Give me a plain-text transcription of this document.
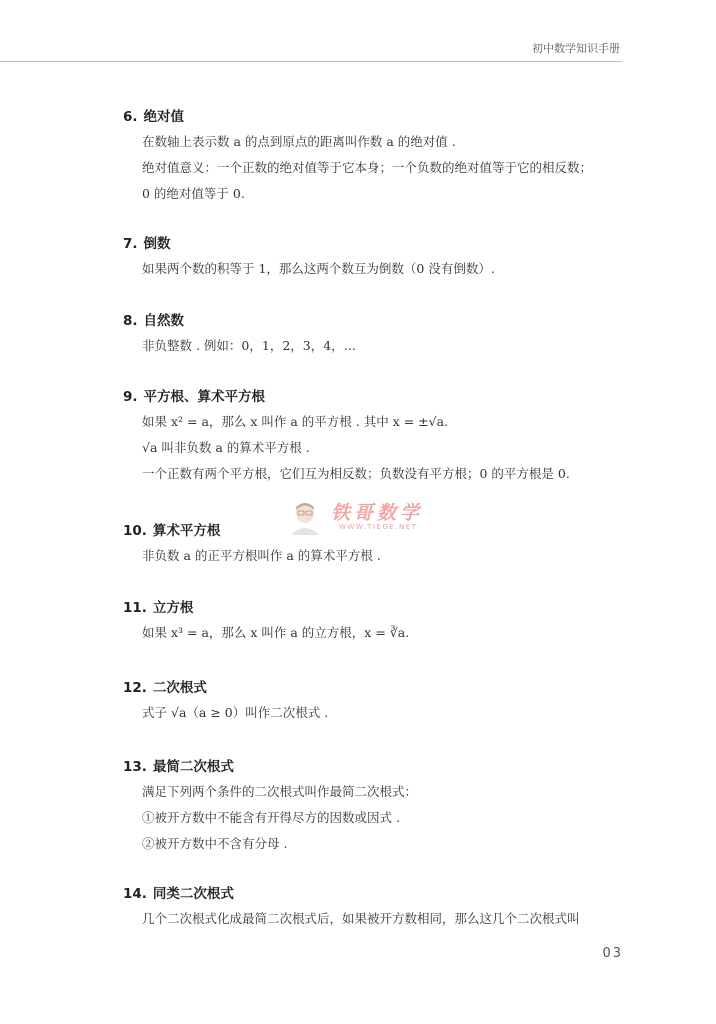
初中数学知识手册
6. 绝对值
在数轴上表示数 a 的点到原点的距离叫作数 a 的绝对值 .
绝对值意义：一个正数的绝对值等于它本身；一个负数的绝对值等于它的相反数；
0 的绝对值等于 0.
7. 倒数
如果两个数的积等于 1，那么这两个数互为倒数（0 没有倒数）.
8. 自然数
非负整数 . 例如：0，1，2，3，4，…
9. 平方根、算术平方根
如果 x² = a，那么 x 叫作 a 的平方根 . 其中 x = ±√a.
√a 叫非负数 a 的算术平方根 .
一个正数有两个平方根，它们互为相反数；负数没有平方根；0 的平方根是 0.
铁哥数学
WWW.TIEGE.NET
10. 算术平方根
非负数 a 的正平方根叫作 a 的算术平方根 .
11. 立方根
如果 x³ = a，那么 x 叫作 a 的立方根，x = ∛a.
12. 二次根式
式子 √a（a ≥ 0）叫作二次根式 .
13. 最简二次根式
满足下列两个条件的二次根式叫作最简二次根式：
①被开方数中不能含有开得尽方的因数或因式 .
②被开方数中不含有分母 .
14. 同类二次根式
几个二次根式化成最简二次根式后，如果被开方数相同，那么这几个二次根式叫
03
